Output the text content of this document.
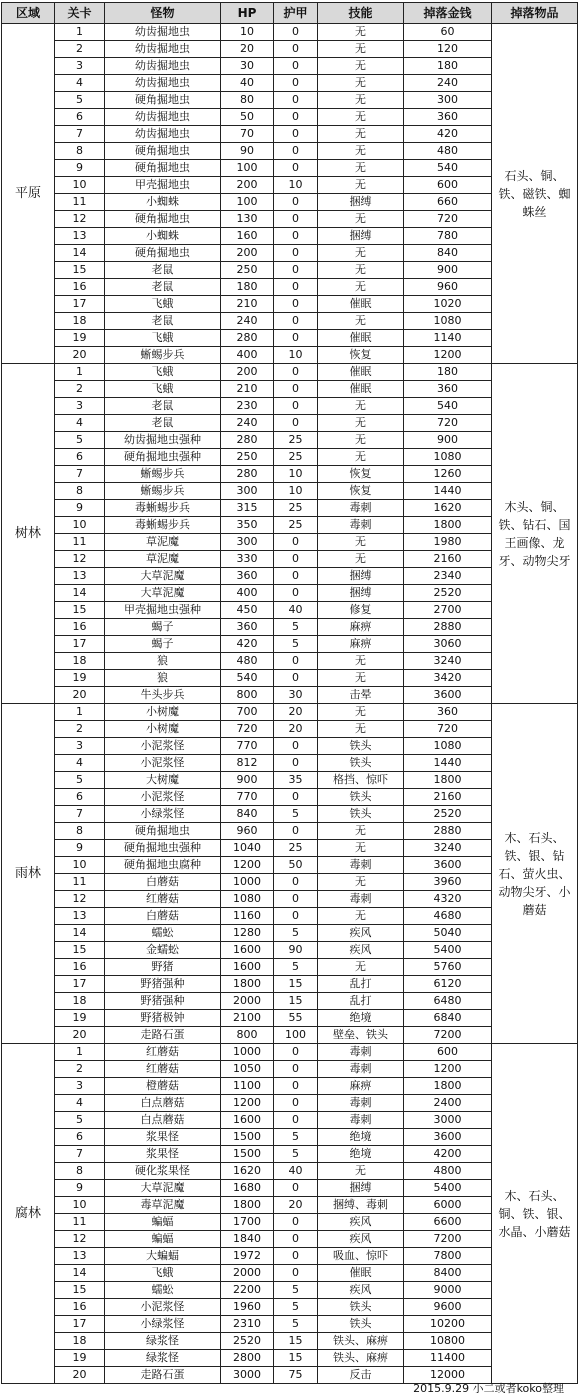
区域	关卡	怪物	HP	护甲	技能	掉落金钱	掉落物品
平原	1	幼齿掘地虫	10	0	无	60	石头、铜、铁、磁铁、蜘蛛丝
	2	幼齿掘地虫	20	0	无	120	
	3	幼齿掘地虫	30	0	无	180	
	4	幼齿掘地虫	40	0	无	240	
	5	硬角掘地虫	80	0	无	300	
	6	幼齿掘地虫	50	0	无	360	
	7	幼齿掘地虫	70	0	无	420	
	8	硬角掘地虫	90	0	无	480	
	9	硬角掘地虫	100	0	无	540	
	10	甲壳掘地虫	200	10	无	600	
	11	小蜘蛛	100	0	捆缚	660	
	12	硬角掘地虫	130	0	无	720	
	13	小蜘蛛	160	0	捆缚	780	
	14	硬角掘地虫	200	0	无	840	
	15	老鼠	250	0	无	900	
	16	老鼠	180	0	无	960	
	17	飞蛾	210	0	催眠	1020	
	18	老鼠	240	0	无	1080	
	19	飞蛾	280	0	催眠	1140	
	20	蜥蜴步兵	400	10	恢复	1200	
树林	1	飞蛾	200	0	催眠	180	木头、铜、铁、钻石、国王画像、龙牙、动物尖牙
	2	飞蛾	210	0	催眠	360	
	3	老鼠	230	0	无	540	
	4	老鼠	240	0	无	720	
	5	幼齿掘地虫强种	280	25	无	900	
	6	硬角掘地虫强种	250	25	无	1080	
	7	蜥蜴步兵	280	10	恢复	1260	
	8	蜥蜴步兵	300	10	恢复	1440	
	9	毒蜥蜴步兵	315	25	毒刺	1620	
	10	毒蜥蜴步兵	350	25	毒刺	1800	
	11	草泥魔	300	0	无	1980	
	12	草泥魔	330	0	无	2160	
	13	大草泥魔	360	0	捆缚	2340	
	14	大草泥魔	400	0	捆缚	2520	
	15	甲壳掘地虫强种	450	40	修复	2700	
	16	蝎子	360	5	麻痹	2880	
	17	蝎子	420	5	麻痹	3060	
	18	狼	480	0	无	3240	
	19	狼	540	0	无	3420	
	20	牛头步兵	800	30	击晕	3600	
雨林	1	小树魔	700	20	无	360	木、石头、铁、银、钻石、萤火虫、动物尖牙、小蘑菇
	2	小树魔	720	20	无	720	
	3	小泥浆怪	770	0	铁头	1080	
	4	小泥浆怪	812	0	铁头	1440	
	5	大树魔	900	35	格挡、惊吓	1800	
	6	小泥浆怪	770	0	铁头	2160	
	7	小绿浆怪	840	5	铁头	2520	
	8	硬角掘地虫	960	0	无	2880	
	9	硬角掘地虫强种	1040	25	无	3240	
	10	硬角掘地虫腐种	1200	50	毒刺	3600	
	11	白蘑菇	1000	0	无	3960	
	12	红蘑菇	1080	0	毒刺	4320	
	13	白蘑菇	1160	0	无	4680	
	14	蠕蚣	1280	5	疾风	5040	
	15	金蠕蚣	1600	90	疾风	5400	
	16	野猪	1600	5	无	5760	
	17	野猪强种	1800	15	乱打	6120	
	18	野猪强种	2000	15	乱打	6480	
	19	野猪极钟	2100	55	绝境	6840	
	20	走路石蛋	800	100	壁垒、铁头	7200	
腐林	1	红蘑菇	1000	0	毒刺	600	木、石头、铜、铁、银、水晶、小蘑菇
	2	红蘑菇	1050	0	毒刺	1200	
	3	橙蘑菇	1100	0	麻痹	1800	
	4	白点蘑菇	1200	0	毒刺	2400	
	5	白点蘑菇	1600	0	毒刺	3000	
	6	浆果怪	1500	5	绝境	3600	
	7	浆果怪	1500	5	绝境	4200	
	8	硬化浆果怪	1620	40	无	4800	
	9	大草泥魔	1680	0	捆缚	5400	
	10	毒草泥魔	1800	20	捆缚、毒刺	6000	
	11	蝙蝠	1700	0	疾风	6600	
	12	蝙蝠	1840	0	疾风	7200	
	13	大蝙蝠	1972	0	吸血、惊吓	7800	
	14	飞蛾	2000	0	催眠	8400	
	15	蠕蚣	2200	5	疾风	9000	
	16	小泥浆怪	1960	5	铁头	9600	
	17	小绿浆怪	2310	5	铁头	10200	
	18	绿浆怪	2520	15	铁头、麻痹	10800	
	19	绿浆怪	2800	15	铁头、麻痹	11400	
	20	走路石蛋	3000	75	反击	12000	
2015.9.29 小二或者koko整理
